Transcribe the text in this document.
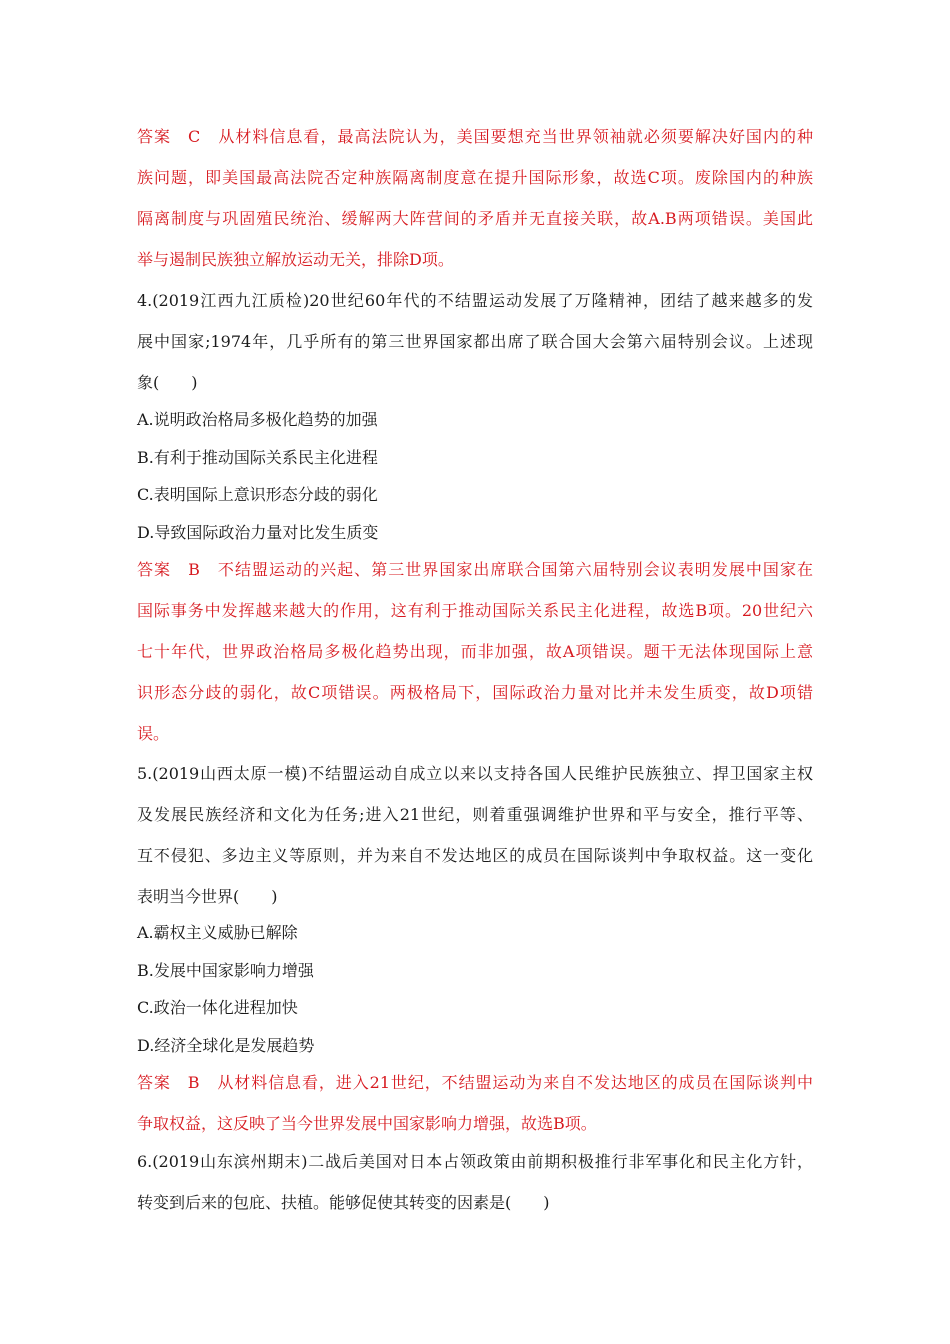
答案　C　从材料信息看，最高法院认为，美国要想充当世界领袖就必须要解决好国内的种
族问题，即美国最高法院否定种族隔离制度意在提升国际形象，故选C项。废除国内的种族
隔离制度与巩固殖民统治、缓解两大阵营间的矛盾并无直接关联，故A.B两项错误。美国此
举与遏制民族独立解放运动无关，排除D项。
4.(2019江西九江质检)20世纪60年代的不结盟运动发展了万隆精神，团结了越来越多的发
展中国家;1974年，几乎所有的第三世界国家都出席了联合国大会第六届特别会议。上述现
象(　　)
A.说明政治格局多极化趋势的加强
B.有利于推动国际关系民主化进程
C.表明国际上意识形态分歧的弱化
D.导致国际政治力量对比发生质变
答案　B　不结盟运动的兴起、第三世界国家出席联合国第六届特别会议表明发展中国家在
国际事务中发挥越来越大的作用，这有利于推动国际关系民主化进程，故选B项。20世纪六
七十年代，世界政治格局多极化趋势出现，而非加强，故A项错误。题干无法体现国际上意
识形态分歧的弱化，故C项错误。两极格局下，国际政治力量对比并未发生质变，故D项错
误。
5.(2019山西太原一模)不结盟运动自成立以来以支持各国人民维护民族独立、捍卫国家主权
及发展民族经济和文化为任务;进入21世纪，则着重强调维护世界和平与安全，推行平等、
互不侵犯、多边主义等原则，并为来自不发达地区的成员在国际谈判中争取权益。这一变化
表明当今世界(　　)
A.霸权主义威胁已解除
B.发展中国家影响力增强
C.政治一体化进程加快
D.经济全球化是发展趋势
答案　B　从材料信息看，进入21世纪，不结盟运动为来自不发达地区的成员在国际谈判中
争取权益，这反映了当今世界发展中国家影响力增强，故选B项。
6.(2019山东滨州期末)二战后美国对日本占领政策由前期积极推行非军事化和民主化方针，
转变到后来的包庇、扶植。能够促使其转变的因素是(　　)
